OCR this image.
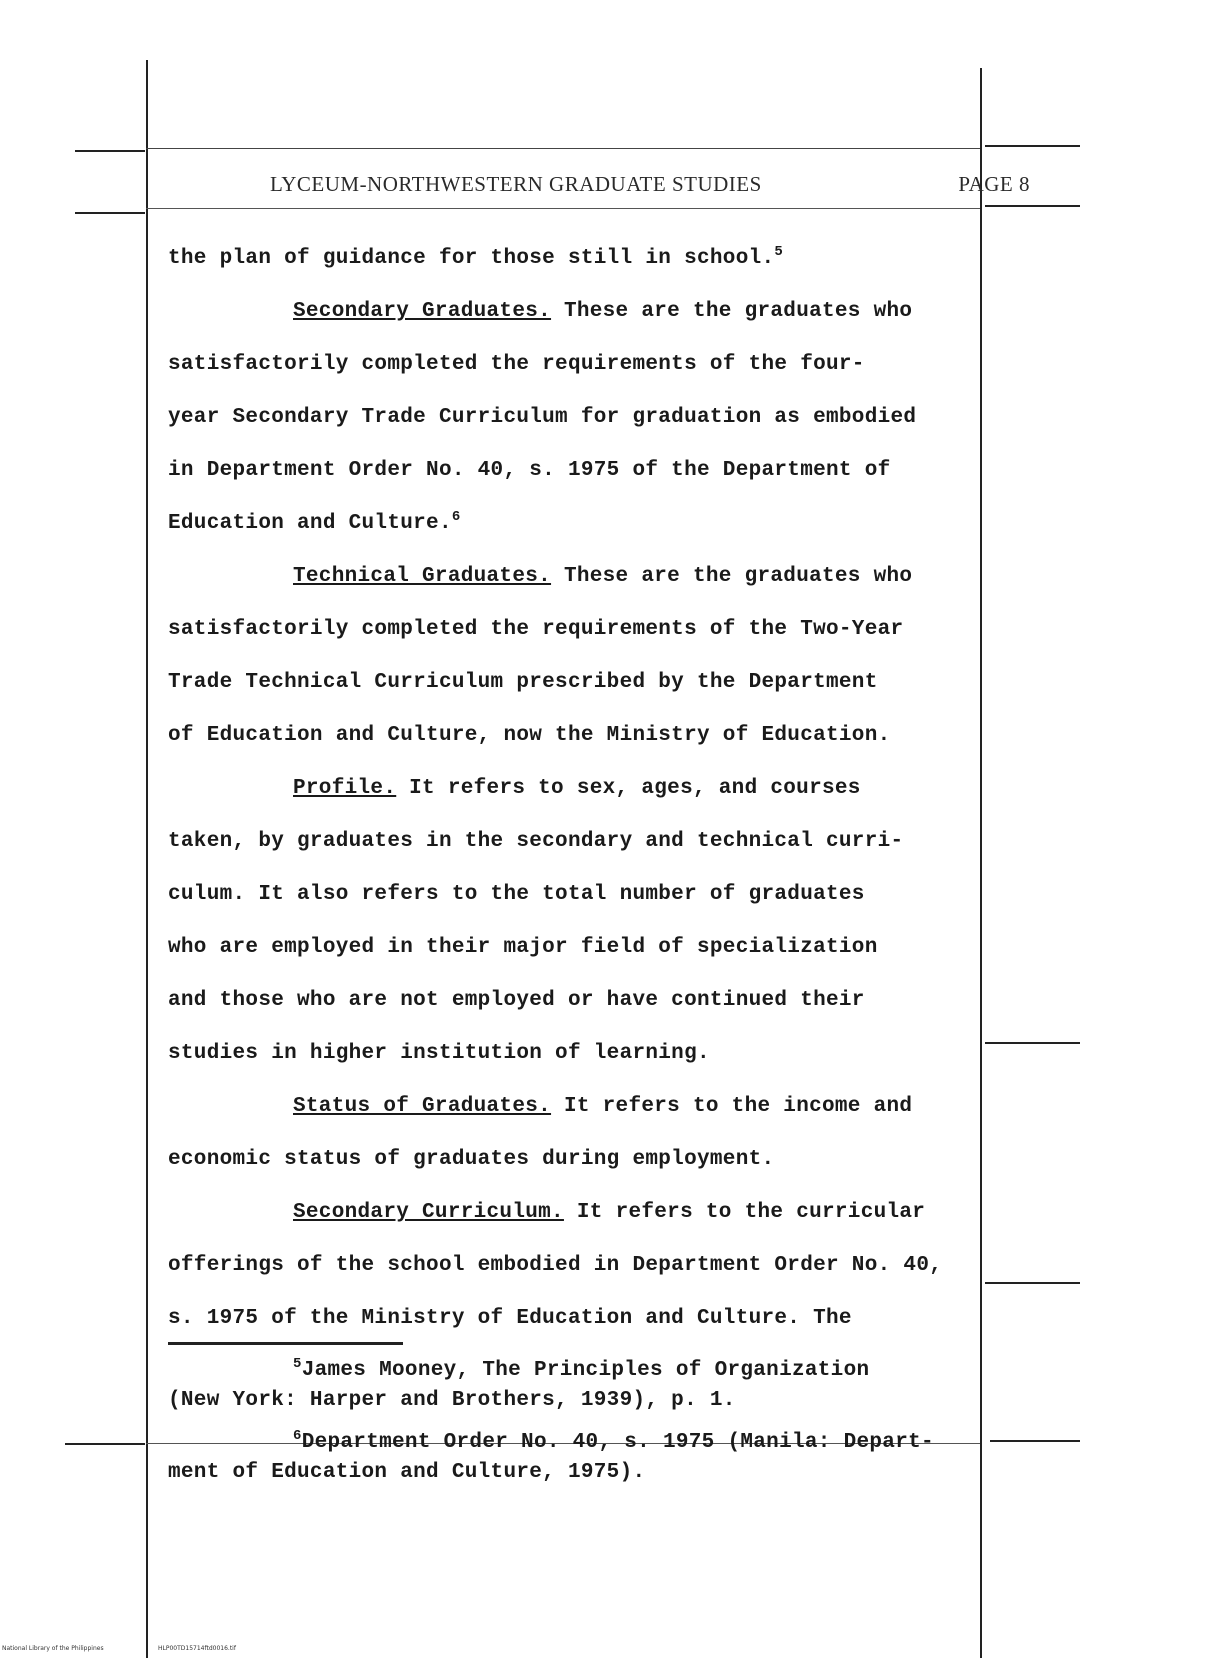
LYCEUM-NORTHWESTERN GRADUATE STUDIES	PAGE 8
the plan of guidance for those still in school.$^5$
Secondary Graduates. These are the graduates who
satisfactorily completed the requirements of the four-
year Secondary Trade Curriculum for graduation as embodied
in Department Order No. 40, s. 1975 of the Department of
Education and Culture.$^6$
Technical Graduates. These are the graduates who
satisfactorily completed the requirements of the Two-Year
Trade Technical Curriculum prescribed by the Department
of Education and Culture, now the Ministry of Education.
Profile. It refers to sex, ages, and courses
taken, by graduates in the secondary and technical curri-
culum. It also refers to the total number of graduates
who are employed in their major field of specialization
and those who are not employed or have continued their
studies in higher institution of learning.
Status of Graduates. It refers to the income and
economic status of graduates during employment.
Secondary Curriculum. It refers to the curricular
offerings of the school embodied in Department Order No. 40,
s. 1975 of the Ministry of Education and Culture. The
$^5$James Mooney, The Principles of Organization
(New York: Harper and Brothers, 1939), p. 1.
$^6$Department Order No. 40, s. 1975 (Manila: Depart-
ment of Education and Culture, 1975).
National Library of the Philippines	HLP00TD15714ftd0016.tif
